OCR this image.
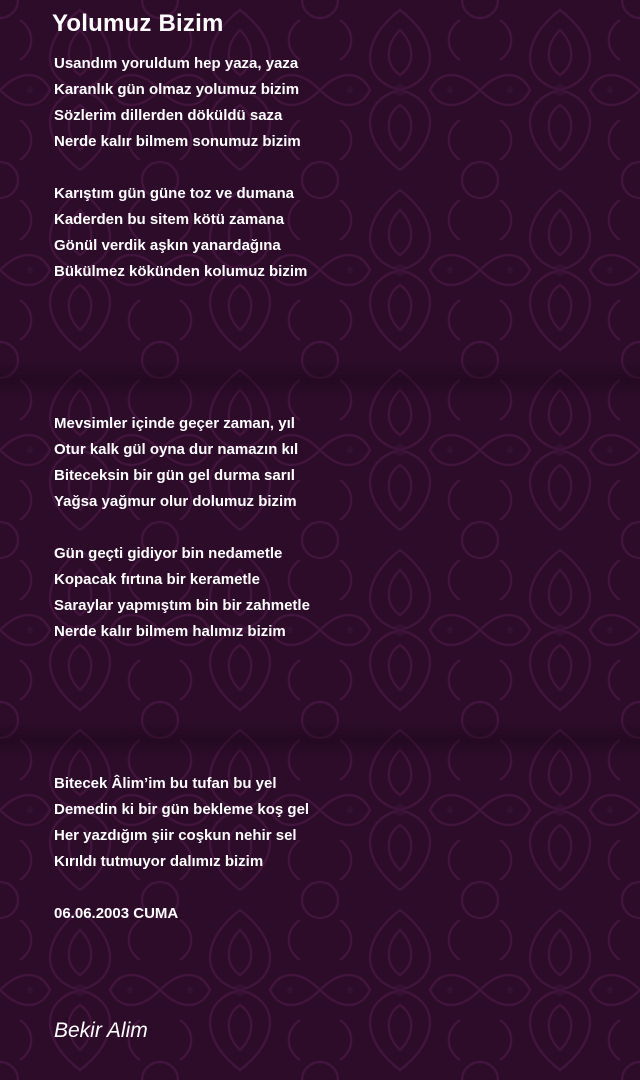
Yolumuz Bizim
Usandım yoruldum hep yaza, yaza
Karanlık gün olmaz yolumuz bizim
Sözlerim dillerden döküldü saza
Nerde kalır bilmem sonumuz bizim
Karıştım gün güne toz ve dumana
Kaderden bu sitem kötü zamana
Gönül verdik aşkın yanardağına
Bükülmez kökünden kolumuz bizim
Mevsimler içinde geçer zaman, yıl
Otur kalk gül oyna dur namazın kıl
Biteceksin bir gün gel durma sarıl
Yağsa yağmur olur dolumuz bizim
Gün geçti gidiyor bin nedametle
Kopacak fırtına bir kerametle
Saraylar yapmıştım bin bir zahmetle
Nerde kalır bilmem halımız bizim
Bitecek Âlim’im bu tufan bu yel
Demedin ki bir gün bekleme koş gel
Her yazdığım şiir coşkun nehir sel
Kırıldı tutmuyor dalımız bizim
06.06.2003 CUMA
Bekir Alim
